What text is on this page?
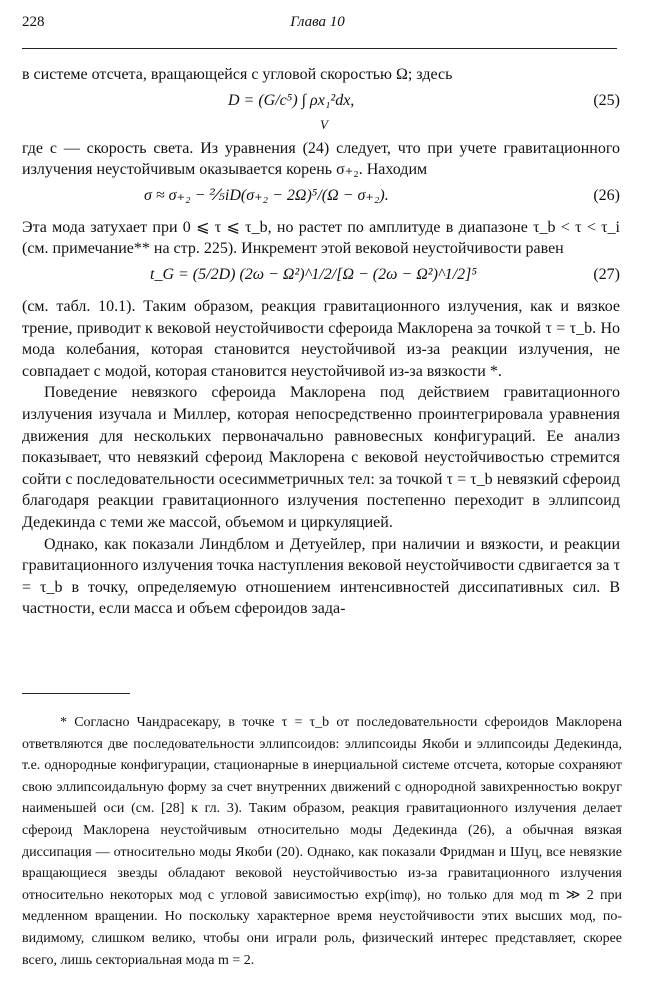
228	Глава 10

в системе отсчета, вращающейся с угловой скоростью Ω; здесь

D = (G/c⁵) ∫ ρx₁²dx,
V
(25)

где c — скорость света. Из уравнения (24) следует, что при учете гравитационного излучения неустойчивым оказывается корень σ₊₂. Находим

σ ≈ σ₊₂ − ⅖iD(σ₊₂ − 2Ω)⁵/(Ω − σ₊₂).	(26)

Эта мода затухает при 0 ⩽ τ ⩽ τ_b, но растет по амплитуде в диапазоне τ_b < τ < τ_i (см. примечание** на стр. 225). Инкремент этой вековой неустойчивости равен

t_G = (5/2D) (2ω − Ω²)^1/2/[Ω − (2ω − Ω²)^1/2]⁵	(27)

(см. табл. 10.1). Таким образом, реакция гравитационного излучения, как и вязкое трение, приводит к вековой неустойчивости сфероида Маклорена за точкой τ = τ_b. Но мода колебания, которая становится неустойчивой из-за реакции излучения, не совпадает с модой, которая становится неустойчивой из-за вязкости *.

Поведение невязкого сфероида Маклорена под действием гравитационного излучения изучала и Миллер, которая непосредственно проинтегрировала уравнения движения для нескольких первоначально равновесных конфигураций. Ее анализ показывает, что невязкий сфероид Маклорена с вековой неустойчивостью стремится сойти с последовательности осесимметричных тел: за точкой τ = τ_b невязкий сфероид благодаря реакции гравитационного излучения постепенно переходит в эллипсоид Дедекинда с теми же массой, объемом и циркуляцией.

Однако, как показали Линдблом и Детуейлер, при наличии и вязкости, и реакции гравитационного излучения точка наступления вековой неустойчивости сдвигается за τ = τ_b в точку, определяемую отношением интенсивностей диссипативных сил. В частности, если масса и объем сфероидов зада-

* Согласно Чандрасекару, в точке τ = τ_b от последовательности сфероидов Маклорена ответвляются две последовательности эллипсоидов: эллипсоиды Якоби и эллипсоиды Дедекинда, т.е. однородные конфигурации, стационарные в инерциальной системе отсчета, которые сохраняют свою эллипсоидальную форму за счет внутренних движений с однородной завихренностью вокруг наименьшей оси (см. [28] к гл. 3). Таким образом, реакция гравитационного излучения делает сфероид Маклорена неустойчивым относительно моды Дедекинда (26), а обычная вязкая диссипация — относительно моды Якоби (20). Однако, как показали Фридман и Шуц, все невязкие вращающиеся звезды обладают вековой неустойчивостью из-за гравитационного излучения относительно некоторых мод с угловой зависимостью exp(imφ), но только для мод m ≫ 2 при медленном вращении. Но поскольку характерное время неустойчивости этих высших мод, по-видимому, слишком велико, чтобы они играли роль, физический интерес представляет, скорее всего, лишь секториальная мода m = 2.
